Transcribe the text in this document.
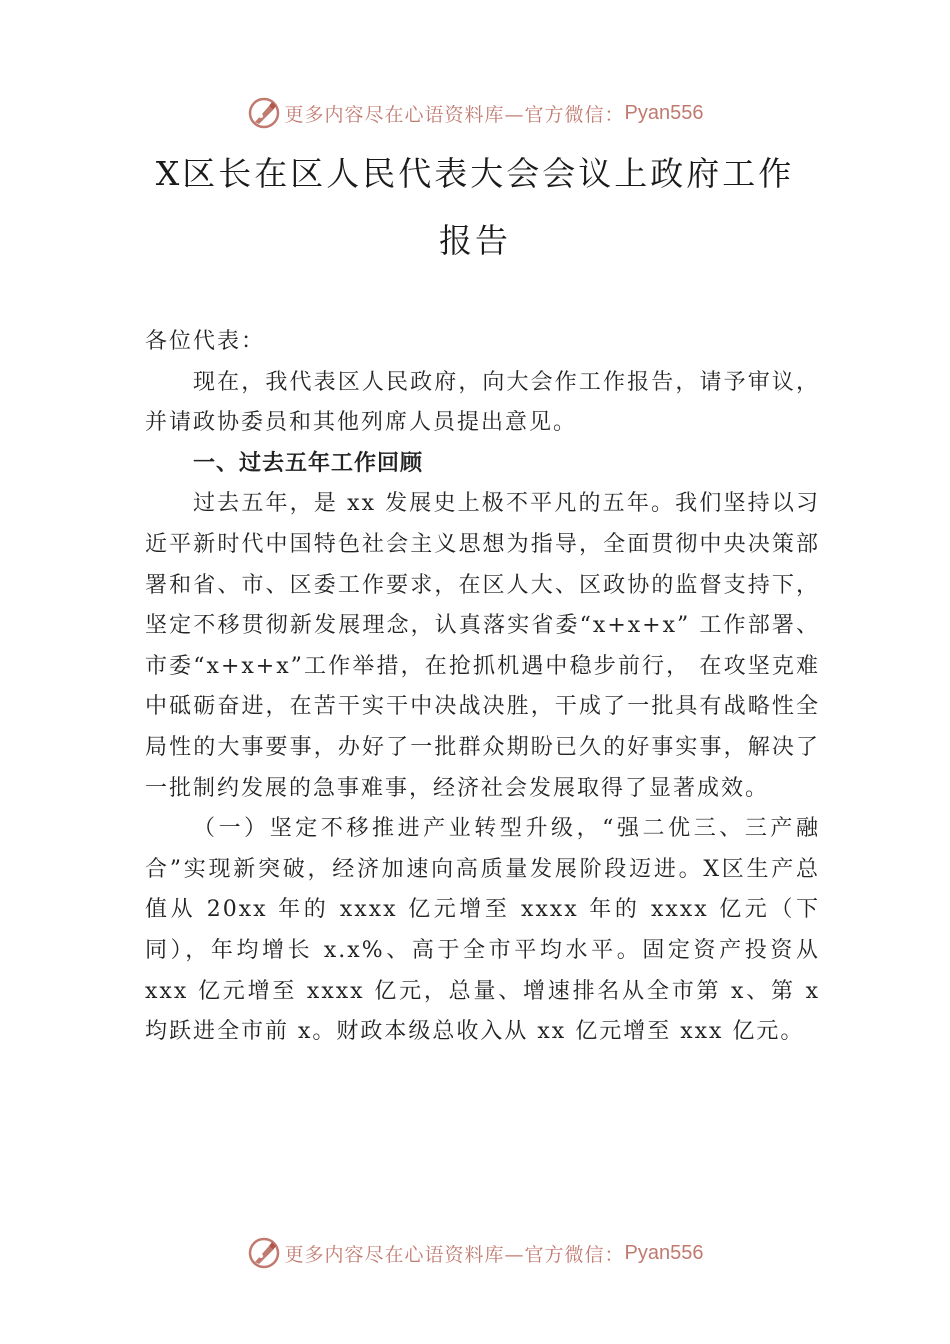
更多内容尽在心语资料库—官方微信： Pyan556
X区长在区人民代表大会会议上政府工作
报告

各位代表：

现在，我代表区人民政府，向大会作工作报告，请予审议，并请政协委员和其他列席人员提出意见。

一、过去五年工作回顾

过去五年，是 xx 发展史上极不平凡的五年。我们坚持以习近平新时代中国特色社会主义思想为指导，全面贯彻中央决策部署和省、市、区委工作要求，在区人大、区政协的监督支持下，坚定不移贯彻新发展理念，认真落实省委“x+x+x” 工作部署、市委“x+x+x”工作举措，在抢抓机遇中稳步前行， 在攻坚克难中砥砺奋进，在苦干实干中决战决胜，干成了一批具有战略性全局性的大事要事，办好了一批群众期盼已久的好事实事，解决了一批制约发展的急事难事，经济社会发展取得了显著成效。

（一）坚定不移推进产业转型升级，“强二优三、三产融合”实现新突破，经济加速向高质量发展阶段迈进。X区生产总值从 20xx 年的 xxxx 亿元增至 xxxx 年的 xxxx 亿元（下同），年均增长 x.x%、高于全市平均水平。固定资产投资从 xxx 亿元增至 xxxx 亿元，总量、增速排名从全市第 x、第 x 均跃进全市前 x。财政本级总收入从 xx 亿元增至 xxx 亿元。

更多内容尽在心语资料库—官方微信： Pyan556
